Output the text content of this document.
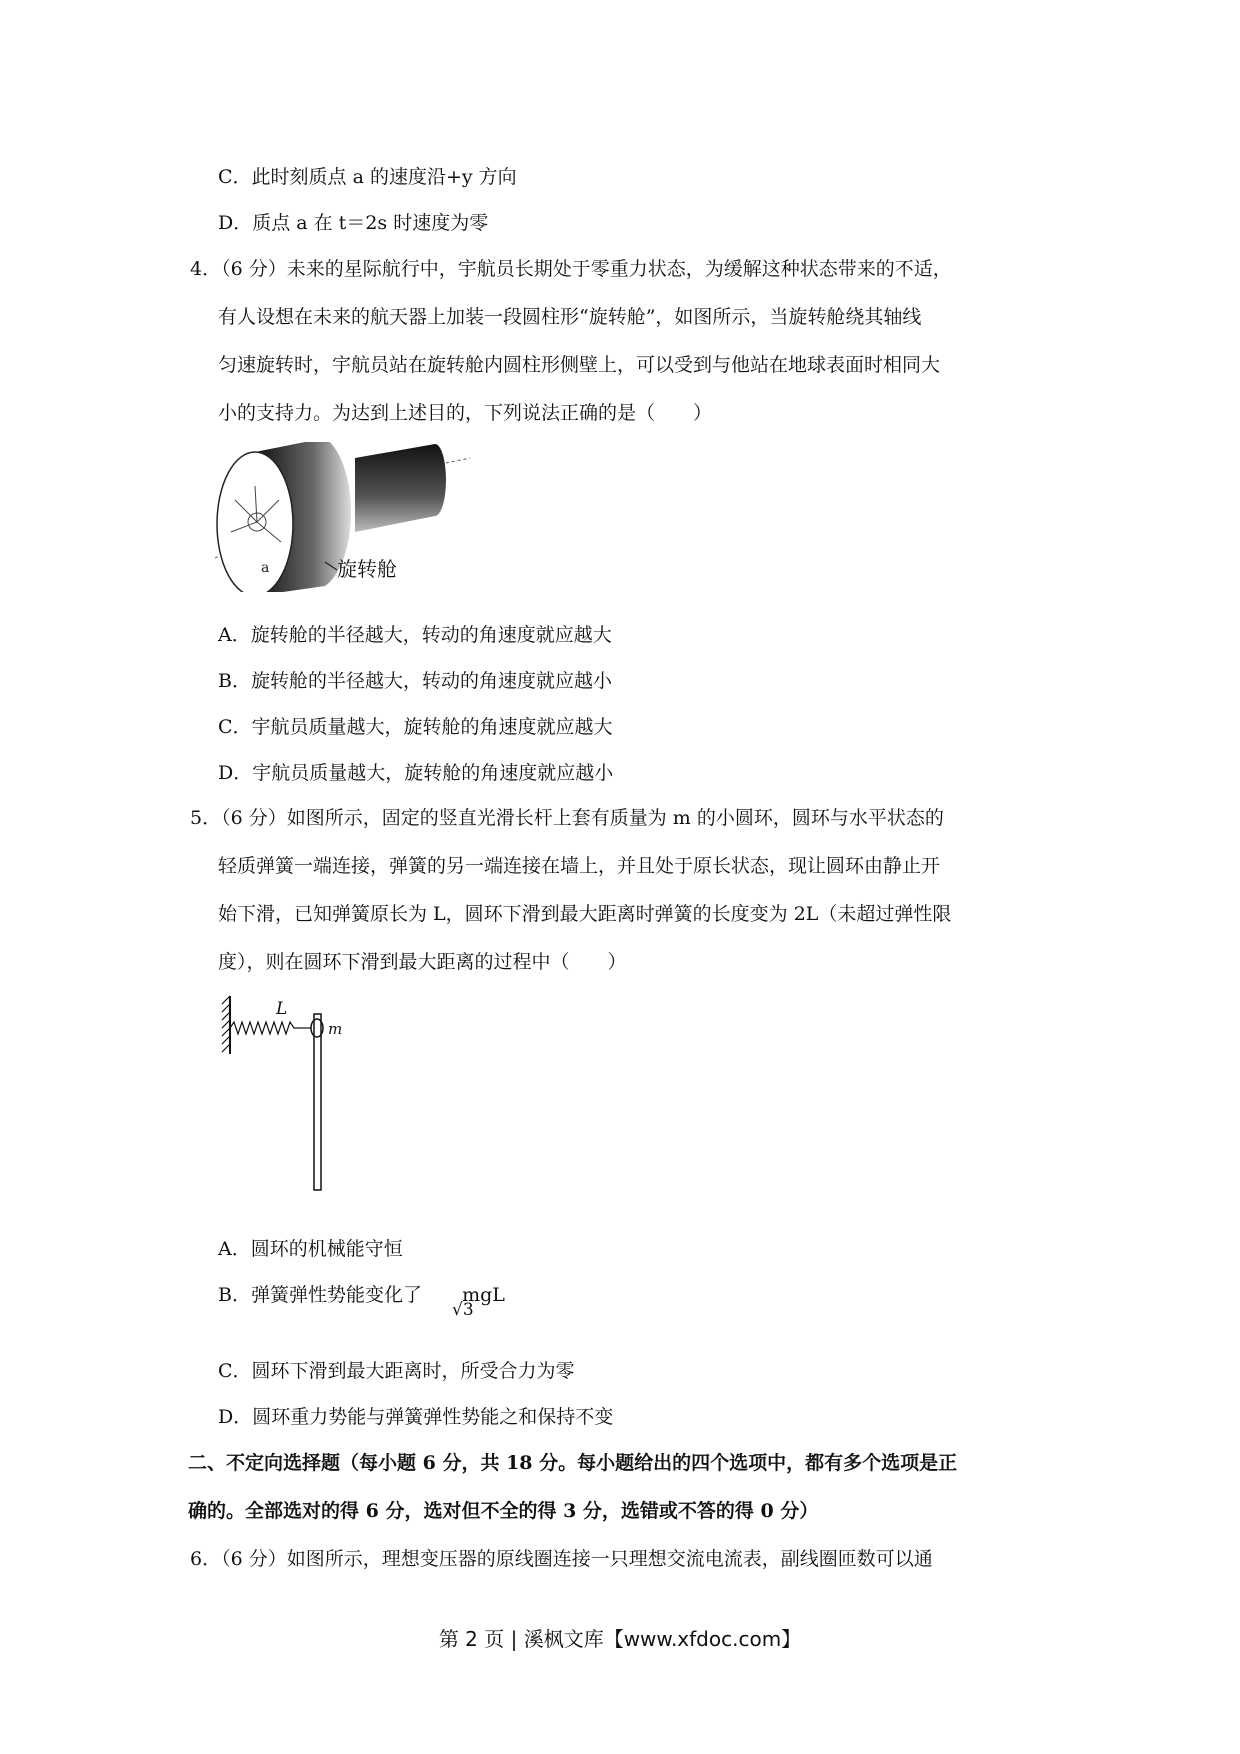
C．此时刻质点 a 的速度沿+y 方向
D．质点 a 在 t＝2s 时速度为零
4．（6 分）未来的星际航行中，宇航员长期处于零重力状态，为缓解这种状态带来的不适，
有人设想在未来的航天器上加装一段圆柱形“旋转舱”，如图所示，当旋转舱绕其轴线
匀速旋转时，宇航员站在旋转舱内圆柱形侧壁上，可以受到与他站在地球表面时相同大
小的支持力。为达到上述目的，下列说法正确的是（　　）
a	旋转舱
A．旋转舱的半径越大，转动的角速度就应越大
B．旋转舱的半径越大，转动的角速度就应越小
C．宇航员质量越大，旋转舱的角速度就应越大
D．宇航员质量越大，旋转舱的角速度就应越小
5．（6 分）如图所示，固定的竖直光滑长杆上套有质量为 m 的小圆环，圆环与水平状态的
轻质弹簧一端连接，弹簧的另一端连接在墙上，并且处于原长状态，现让圆环由静止开
始下滑，已知弹簧原长为 L，圆环下滑到最大距离时弹簧的长度变为 2L（未超过弹性限
度），则在圆环下滑到最大距离的过程中（　　）
L
m
A．圆环的机械能守恒
B．弹簧弹性势能变化了 mgL
√3
C．圆环下滑到最大距离时，所受合力为零
D．圆环重力势能与弹簧弹性势能之和保持不变
二、不定向选择题（每小题 6 分，共 18 分。每小题给出的四个选项中，都有多个选项是正
确的。全部选对的得 6 分，选对但不全的得 3 分，选错或不答的得 0 分）
6．（6 分）如图所示，理想变压器的原线圈连接一只理想交流电流表，副线圈匝数可以通
第 2 页 | 溪枫文库【www.xfdoc.com】
